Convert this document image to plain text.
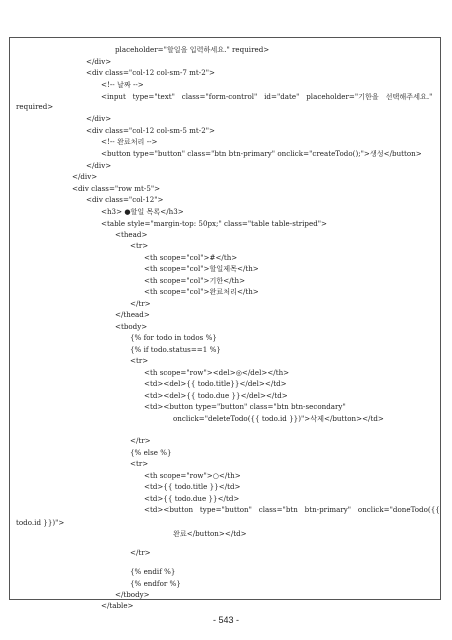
placeholder="할일을 입력하세요." required>
</div>
<div class="col-12 col-sm-7 mt-2">
<!-- 날짜 -->
<input   type="text"   class="form-control"   id="date"   placeholder="기한을   선택해주세요."
required>
</div>
<div class="col-12 col-sm-5 mt-2">
<!-- 완료처리 -->
<button type="button" class="btn btn-primary" onclick="createTodo();">생성</button>
</div>
</div>
<div class="row mt-5">
<div class="col-12">
<h3> ●할일 목록</h3>
<table style="margin-top: 50px;" class="table table-striped">
<thead>
<tr>
<th scope="col">#</th>
<th scope="col">할일제목</th>
<th scope="col">기한</th>
<th scope="col">완료처리</th>
</tr>
</thead>
<tbody>
{% for todo in todos %}
{% if todo.status==1 %}
<tr>
<th scope="row"><del>◎</del></th>
<td><del>{{ todo.title}}</del></td>
<td><del>{{ todo.due }}</del></td>
<td><button type="button" class="btn btn-secondary"
onclick="deleteTodo({{ todo.id }})">삭제</button></td>
</tr>
{% else %}
<tr>
<th scope="row">○</th>
<td>{{ todo.title }}</td>
<td>{{ todo.due }}</td>
<td><button   type="button"   class="btn   btn-primary"   onclick="doneTodo({{
todo.id }})">
완료</button></td>
</tr>
{% endif %}
{% endfor %}
</tbody>
</table>
- 543 -
